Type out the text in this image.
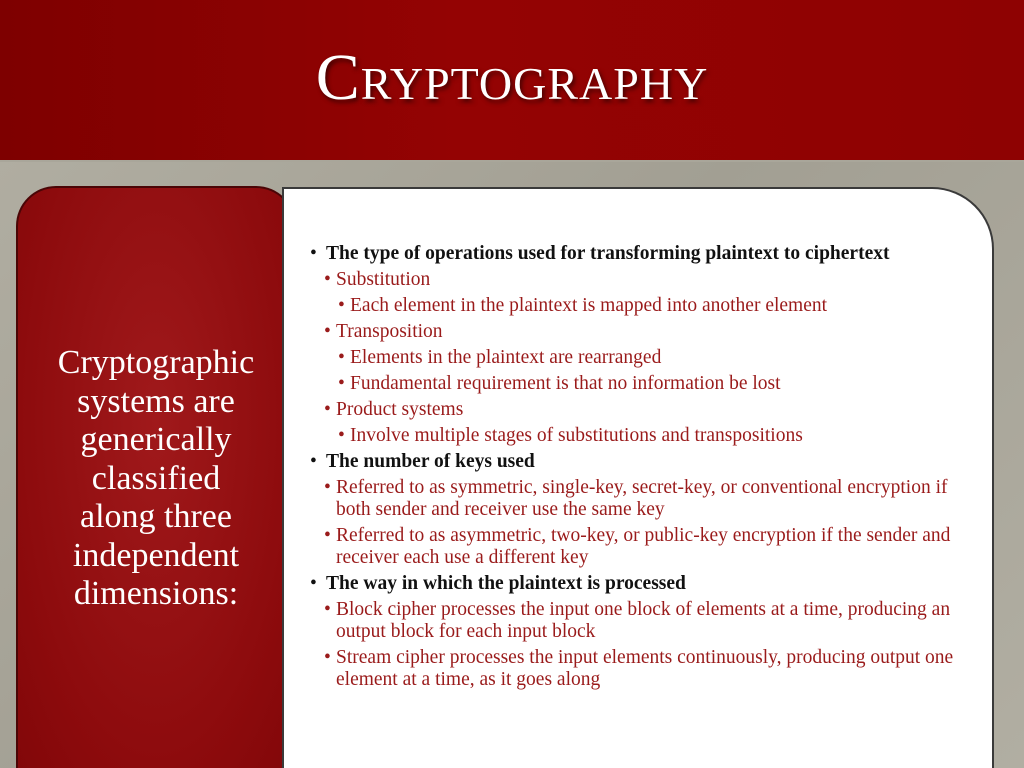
Cryptography
Cryptographic
systems are
generically
classified
along three
independent
dimensions:
• The type of operations used for transforming plaintext to ciphertext
• Substitution
• Each element in the plaintext is mapped into another element
• Transposition
• Elements in the plaintext are rearranged
• Fundamental requirement is that no information be lost
• Product systems
• Involve multiple stages of substitutions and transpositions
• The number of keys used
• Referred to as symmetric, single-key, secret-key, or conventional encryption if both sender and receiver use the same key
• Referred to as asymmetric, two-key, or public-key encryption if the sender and receiver each use a different key
• The way in which the plaintext is processed
• Block cipher processes the input one block of elements at a time, producing an output block for each input block
• Stream cipher processes the input elements continuously, producing output one element at a time, as it goes along
